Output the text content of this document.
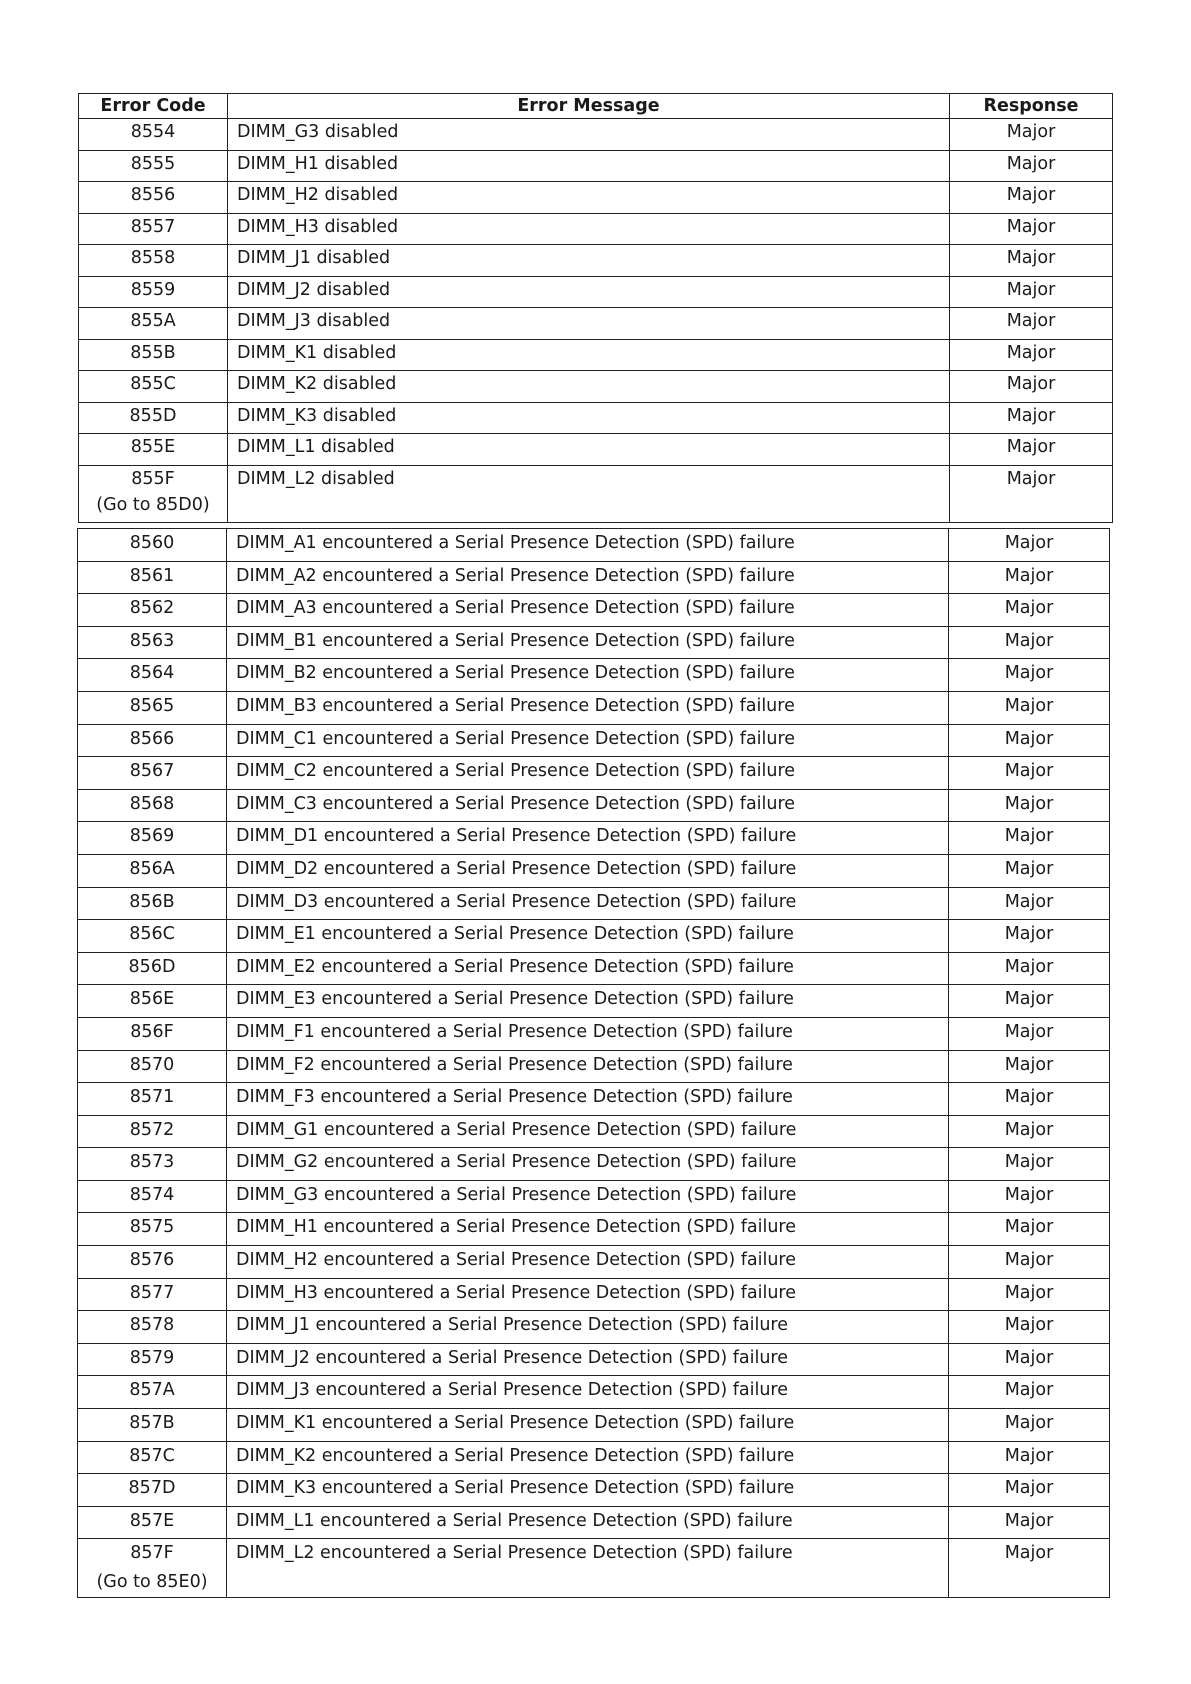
Error Code	Error Message	Response

8554	DIMM_G3 disabled	Major

8555	DIMM_H1 disabled	Major

8556	DIMM_H2 disabled	Major

8557	DIMM_H3 disabled	Major

8558	DIMM_J1 disabled	Major

8559	DIMM_J2 disabled	Major

855A	DIMM_J3 disabled	Major

855B	DIMM_K1 disabled	Major

855C	DIMM_K2 disabled	Major

855D	DIMM_K3 disabled	Major

855E	DIMM_L1 disabled	Major

855F
(Go to 85D0)	DIMM_L2 disabled	Major
8560	DIMM_A1 encountered a Serial Presence Detection (SPD) failure	Major

8561	DIMM_A2 encountered a Serial Presence Detection (SPD) failure	Major

8562	DIMM_A3 encountered a Serial Presence Detection (SPD) failure	Major

8563	DIMM_B1 encountered a Serial Presence Detection (SPD) failure	Major

8564	DIMM_B2 encountered a Serial Presence Detection (SPD) failure	Major

8565	DIMM_B3 encountered a Serial Presence Detection (SPD) failure	Major

8566	DIMM_C1 encountered a Serial Presence Detection (SPD) failure	Major

8567	DIMM_C2 encountered a Serial Presence Detection (SPD) failure	Major

8568	DIMM_C3 encountered a Serial Presence Detection (SPD) failure	Major

8569	DIMM_D1 encountered a Serial Presence Detection (SPD) failure	Major

856A	DIMM_D2 encountered a Serial Presence Detection (SPD) failure	Major

856B	DIMM_D3 encountered a Serial Presence Detection (SPD) failure	Major

856C	DIMM_E1 encountered a Serial Presence Detection (SPD) failure	Major

856D	DIMM_E2 encountered a Serial Presence Detection (SPD) failure	Major

856E	DIMM_E3 encountered a Serial Presence Detection (SPD) failure	Major

856F	DIMM_F1 encountered a Serial Presence Detection (SPD) failure	Major

8570	DIMM_F2 encountered a Serial Presence Detection (SPD) failure	Major

8571	DIMM_F3 encountered a Serial Presence Detection (SPD) failure	Major

8572	DIMM_G1 encountered a Serial Presence Detection (SPD) failure	Major

8573	DIMM_G2 encountered a Serial Presence Detection (SPD) failure	Major

8574	DIMM_G3 encountered a Serial Presence Detection (SPD) failure	Major

8575	DIMM_H1 encountered a Serial Presence Detection (SPD) failure	Major

8576	DIMM_H2 encountered a Serial Presence Detection (SPD) failure	Major

8577	DIMM_H3 encountered a Serial Presence Detection (SPD) failure	Major

8578	DIMM_J1 encountered a Serial Presence Detection (SPD) failure	Major

8579	DIMM_J2 encountered a Serial Presence Detection (SPD) failure	Major

857A	DIMM_J3 encountered a Serial Presence Detection (SPD) failure	Major

857B	DIMM_K1 encountered a Serial Presence Detection (SPD) failure	Major

857C	DIMM_K2 encountered a Serial Presence Detection (SPD) failure	Major

857D	DIMM_K3 encountered a Serial Presence Detection (SPD) failure	Major

857E	DIMM_L1 encountered a Serial Presence Detection (SPD) failure	Major

857F
(Go to 85E0)	DIMM_L2 encountered a Serial Presence Detection (SPD) failure	Major
